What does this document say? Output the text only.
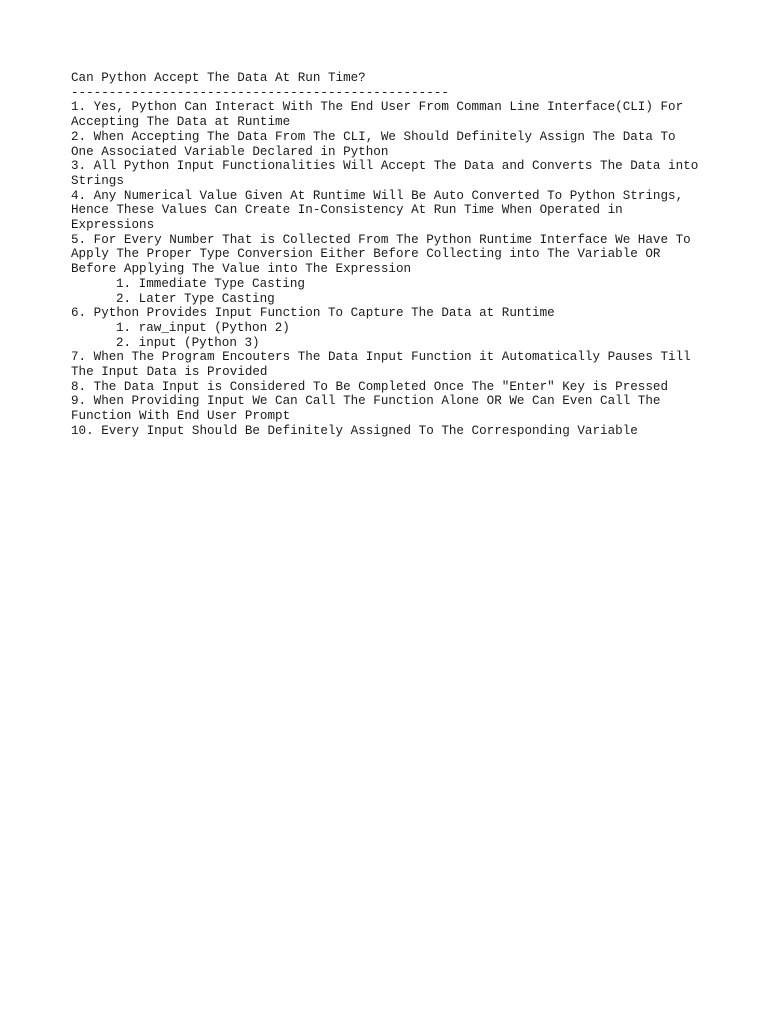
Can Python Accept The Data At Run Time?
--------------------------------------------------
1. Yes, Python Can Interact With The End User From Comman Line Interface(CLI) For
Accepting The Data at Runtime
2. When Accepting The Data From The CLI, We Should Definitely Assign The Data To
One Associated Variable Declared in Python
3. All Python Input Functionalities Will Accept The Data and Converts The Data into
Strings
4. Any Numerical Value Given At Runtime Will Be Auto Converted To Python Strings,
Hence These Values Can Create In-Consistency At Run Time When Operated in
Expressions
5. For Every Number That is Collected From The Python Runtime Interface We Have To
Apply The Proper Type Conversion Either Before Collecting into The Variable OR
Before Applying The Value into The Expression
1. Immediate Type Casting
2. Later Type Casting
6. Python Provides Input Function To Capture The Data at Runtime
1. raw_input (Python 2)
2. input (Python 3)
7. When The Program Encouters The Data Input Function it Automatically Pauses Till
The Input Data is Provided
8. The Data Input is Considered To Be Completed Once The "Enter" Key is Pressed
9. When Providing Input We Can Call The Function Alone OR We Can Even Call The
Function With End User Prompt
10. Every Input Should Be Definitely Assigned To The Corresponding Variable
